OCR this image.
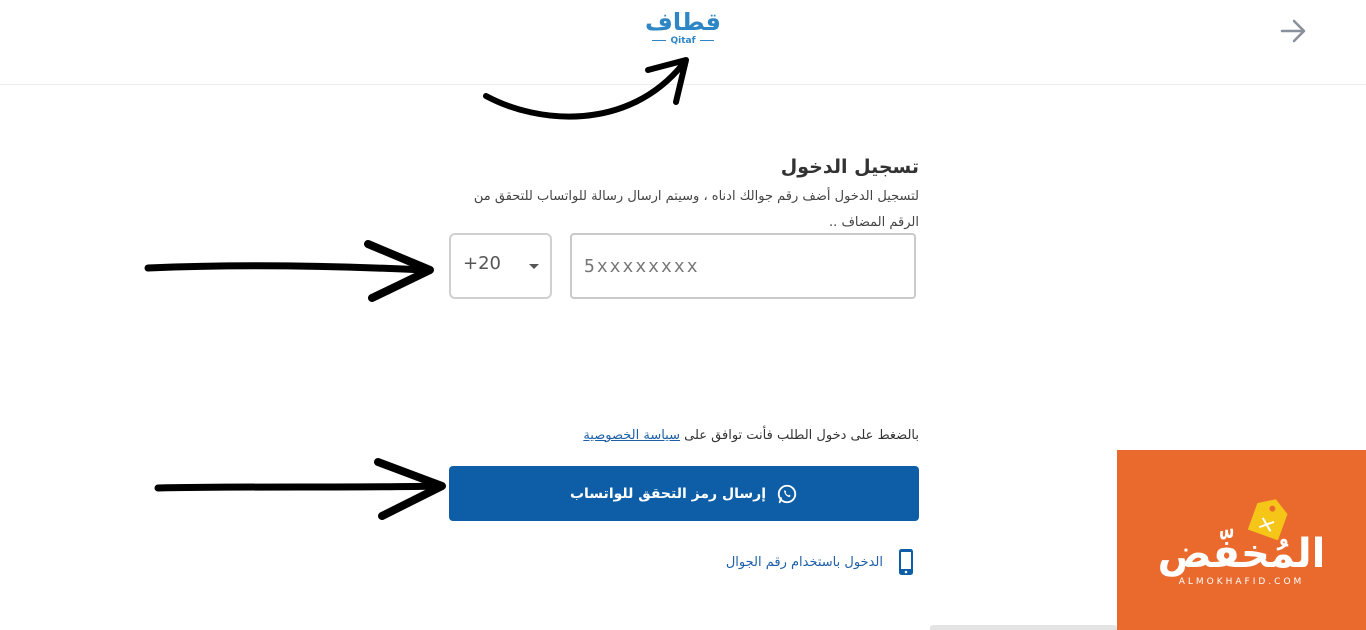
قطاف
Qitaf
تسجيل الدخول
لتسجيل الدخول أضف رقم جوالك ادناه ، وسيتم ارسال رسالة للواتساب للتحقق من الرقم المضاف ..
5xxxxxxxx
+20
بالضغط على دخول الطلب فأنت توافق على سياسة الخصوصية
إرسال رمز التحقق للواتساب
الدخول باستخدام رقم الجوال	المُخفّض
ALMOKHAFID.COM
